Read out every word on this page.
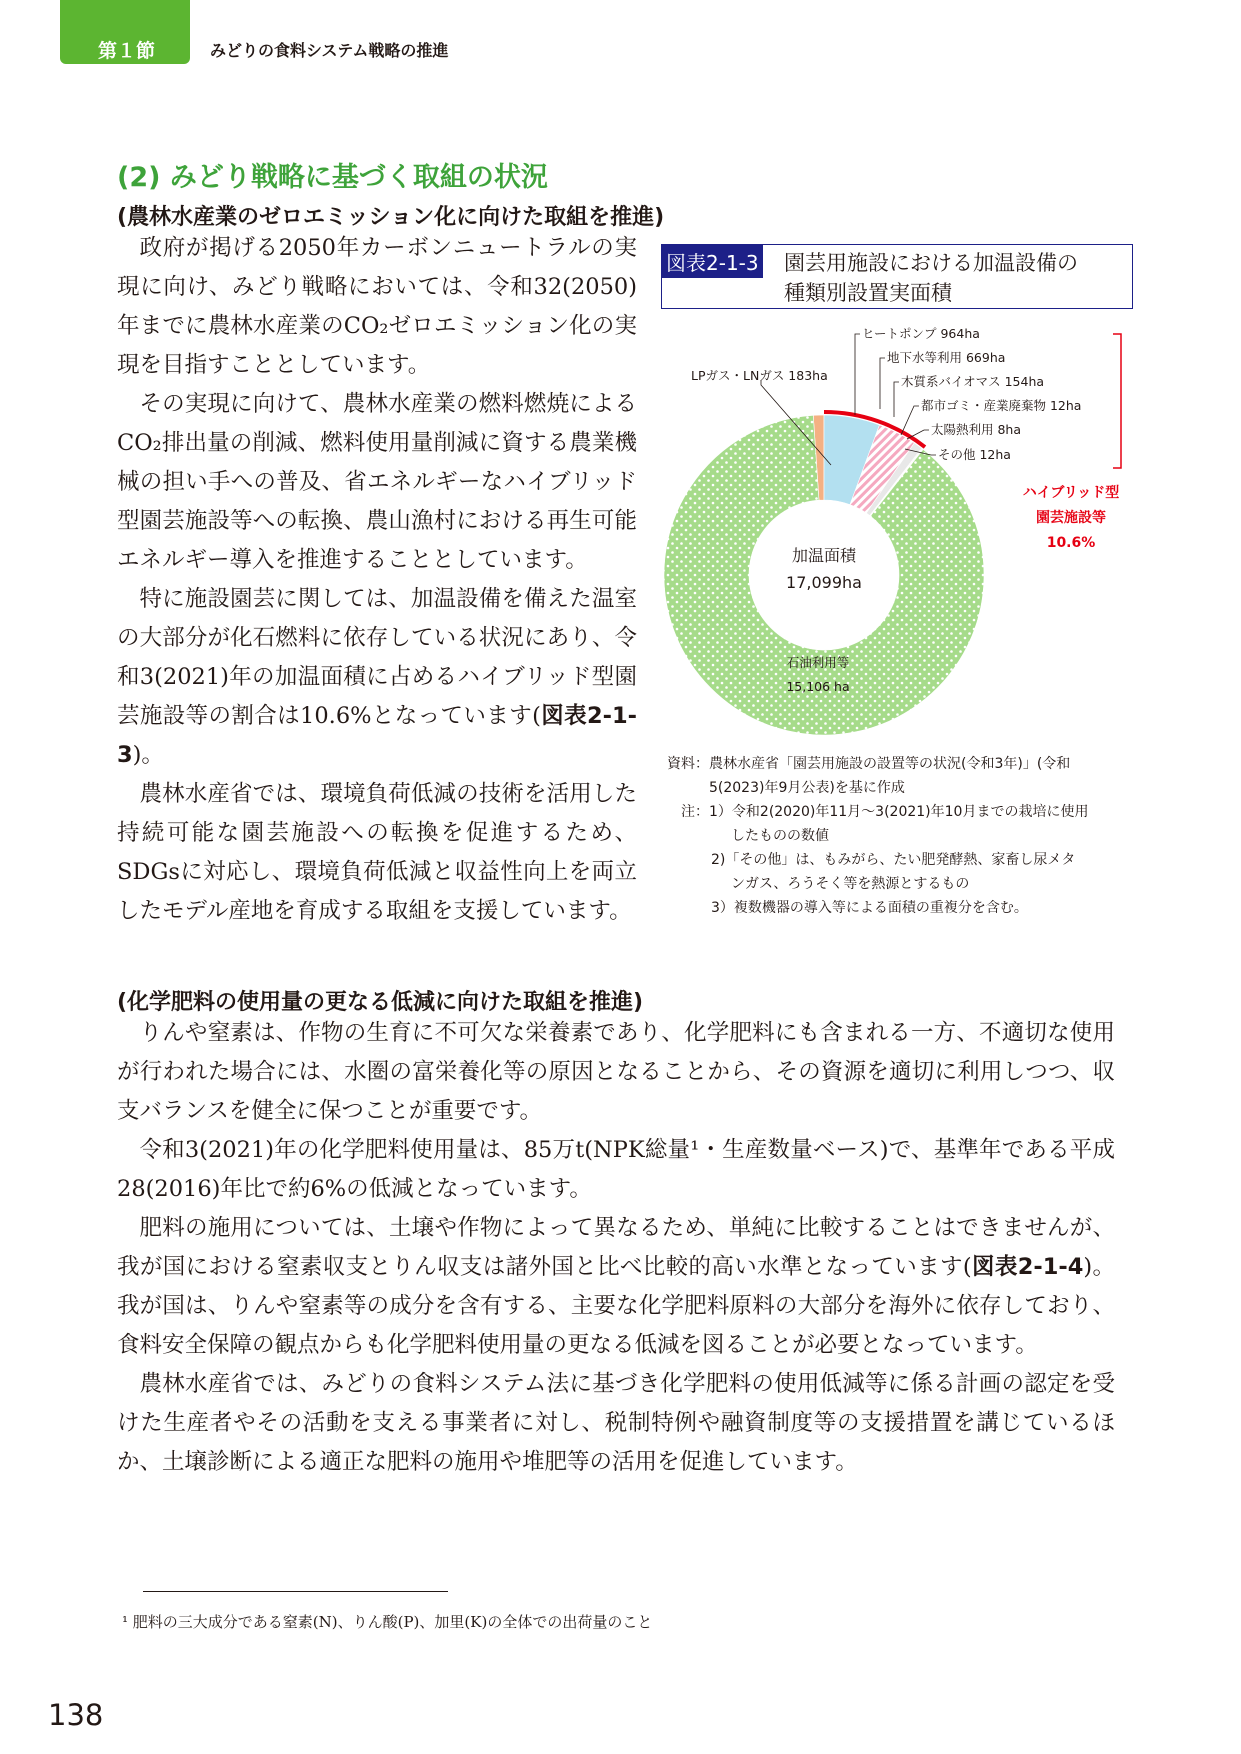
第１節	みどりの食料システム戦略の推進
(2) みどり戦略に基づく取組の状況
(農林水産業のゼロエミッション化に向けた取組を推進)

政府が掲げる2050年カーボンニュートラルの実現に向け、みどり戦略においては、令和32(2050)年までに農林水産業のCO₂ゼロエミッション化の実現を目指すこととしています。

その実現に向けて、農林水産業の燃料燃焼によるCO₂排出量の削減、燃料使用量削減に資する農業機械の担い手への普及、省エネルギーなハイブリッド型園芸施設等への転換、農山漁村における再生可能エネルギー導入を推進することとしています。

特に施設園芸に関しては、加温設備を備えた温室の大部分が化石燃料に依存している状況にあり、令和3(2021)年の加温面積に占めるハイブリッド型園芸施設等の割合は10.6%となっています(図表2-1-3)。

農林水産省では、環境負荷低減の技術を活用した持続可能な園芸施設への転換を促進するため、SDGsに対応し、環境負荷低減と収益性向上を両立したモデル産地を育成する取組を支援しています。

図表2-1-3 園芸用施設における加温設備の
種類別設置実面積
加温面積
17,099ha
石油利用等
15,106 ha
ヒートポンプ 964ha
地下水等利用 669ha
木質系バイオマス 154ha
都市ゴミ・産業廃棄物 12ha
太陽熱利用 8ha
その他 12ha
LPガス・LNガス 183ha
ハイブリッド型
園芸施設等
10.6%
資料：農林水産省「園芸用施設の設置等の状況(令和3年)」(令和
5(2023)年9月公表)を基に作成
注：1）令和2(2020)年11月～3(2021)年10月までの栽培に使用
したものの数値
2)「その他」は、もみがら、たい肥発酵熱、家畜し尿メタ
ンガス、ろうそく等を熱源とするもの
3）複数機器の導入等による面積の重複分を含む。
(化学肥料の使用量の更なる低減に向けた取組を推進)

りんや窒素は、作物の生育に不可欠な栄養素であり、化学肥料にも含まれる一方、不適切な使用が行われた場合には、水圏の富栄養化等の原因となることから、その資源を適切に利用しつつ、収支バランスを健全に保つことが重要です。

令和3(2021)年の化学肥料使用量は、85万t(NPK総量¹・生産数量ベース)で、基準年である平成28(2016)年比で約6%の低減となっています。

肥料の施用については、土壌や作物によって異なるため、単純に比較することはできませんが、我が国における窒素収支とりん収支は諸外国と比べ比較的高い水準となっています(図表2-1-4)。我が国は、りんや窒素等の成分を含有する、主要な化学肥料原料の大部分を海外に依存しており、食料安全保障の観点からも化学肥料使用量の更なる低減を図ることが必要となっています。

農林水産省では、みどりの食料システム法に基づき化学肥料の使用低減等に係る計画の認定を受けた生産者やその活動を支える事業者に対し、税制特例や融資制度等の支援措置を講じているほか、土壌診断による適正な肥料の施用や堆肥等の活用を促進しています。

¹ 肥料の三大成分である窒素(N)、りん酸(P)、加里(K)の全体での出荷量のこと
138
